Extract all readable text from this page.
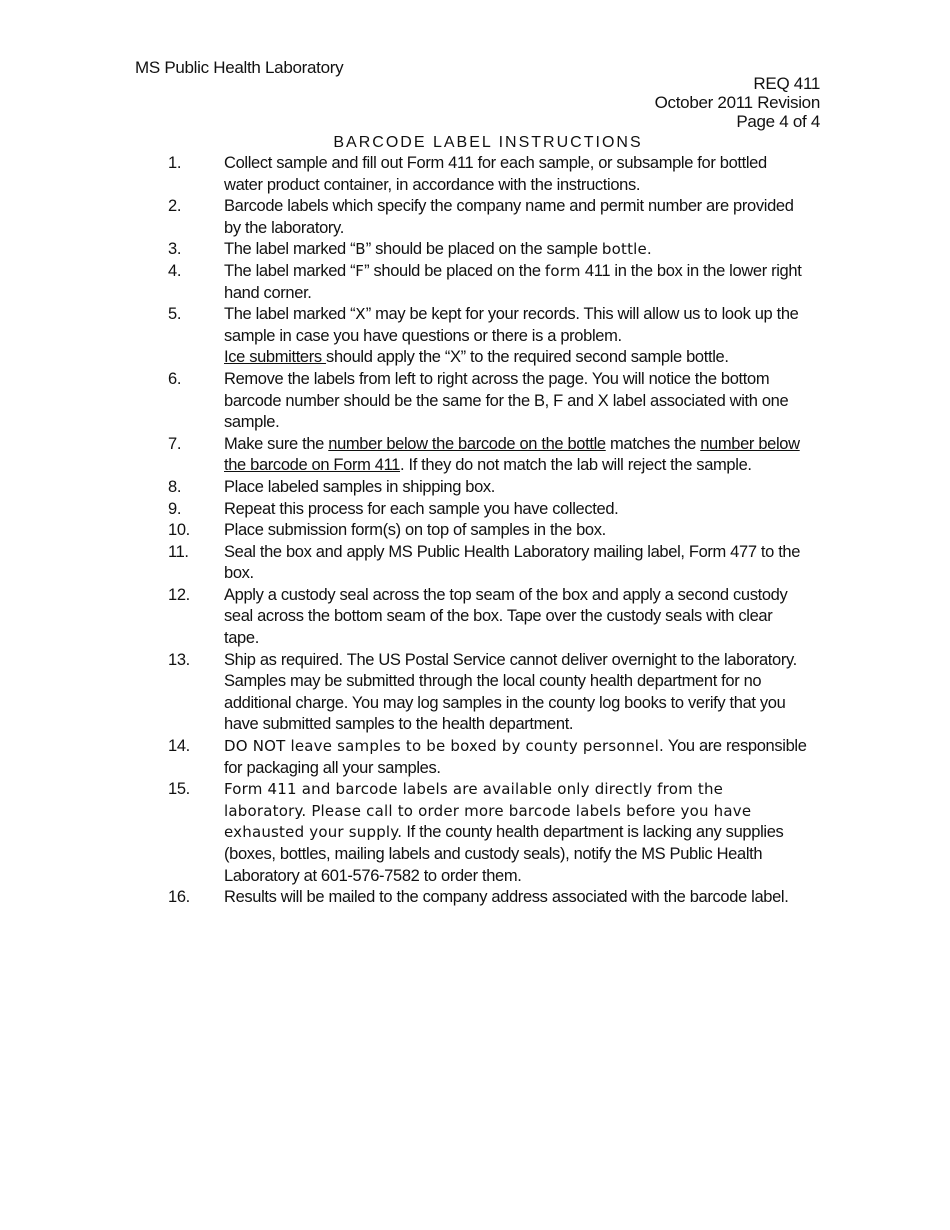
MS Public Health Laboratory
REQ 411
October 2011 Revision
Page 4 of 4
BARCODE LABEL INSTRUCTIONS
1.	Collect sample and fill out Form 411 for each sample, or subsample for bottled water product container, in accordance with the instructions.
2.	Barcode labels which specify the company name and permit number are provided by the laboratory.
3.	The label marked “B” should be placed on the sample bottle.
4.	The label marked “F” should be placed on the form 411 in the box in the lower right hand corner.
5.	The label marked “X” may be kept for your records. This will allow us to look up the sample in case you have questions or there is a problem.
Ice submitters should apply the “X” to the required second sample bottle.
6.	Remove the labels from left to right across the page. You will notice the bottom barcode number should be the same for the B, F and X label associated with one sample.
7.	Make sure the number below the barcode on the bottle matches the number below the barcode on Form 411. If they do not match the lab will reject the sample.
8.	Place labeled samples in shipping box.
9.	Repeat this process for each sample you have collected.
10. Place submission form(s) on top of samples in the box.
11. Seal the box and apply MS Public Health Laboratory mailing label, Form 477 to the box.
12. Apply a custody seal across the top seam of the box and apply a second custody seal across the bottom seam of the box. Tape over the custody seals with clear tape.
13. Ship as required. The US Postal Service cannot deliver overnight to the laboratory. Samples may be submitted through the local county health department for no additional charge. You may log samples in the county log books to verify that you have submitted samples to the health department.
14. DO NOT leave samples to be boxed by county personnel. You are responsible for packaging all your samples.
15. Form 411 and barcode labels are available only directly from the laboratory. Please call to order more barcode labels before you have exhausted your supply. If the county health department is lacking any supplies (boxes, bottles, mailing labels and custody seals), notify the MS Public Health Laboratory at 601-576-7582 to order them.
16. Results will be mailed to the company address associated with the barcode label.
